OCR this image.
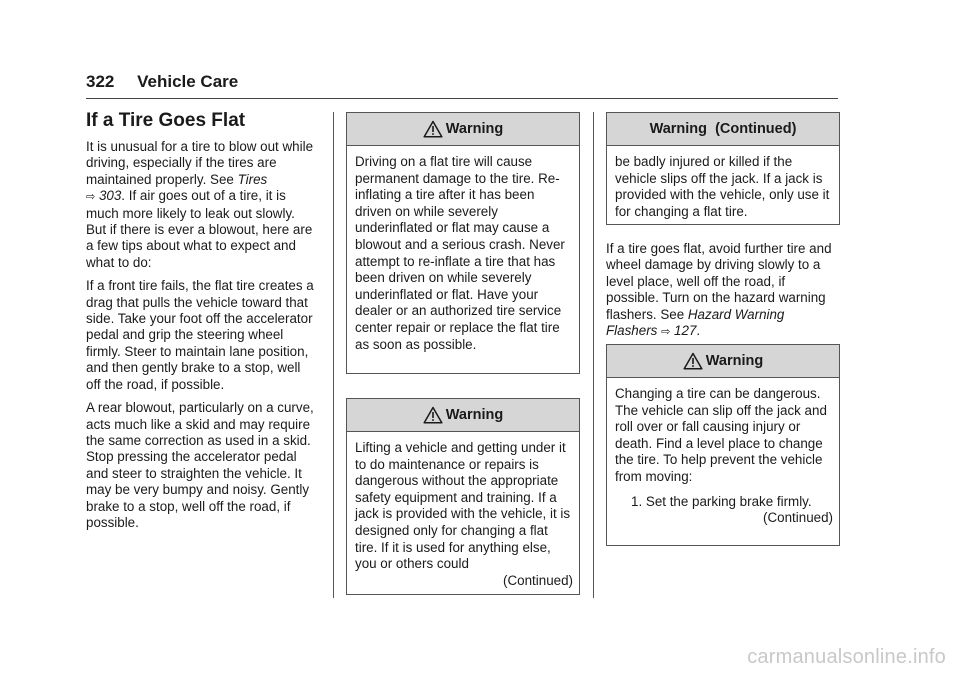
322 Vehicle Care
If a Tire Goes Flat

It is unusual for a tire to blow out while driving, especially if the tires are maintained properly. See Tires
⇨ 303. If air goes out of a tire, it is much more likely to leak out slowly. But if there is ever a blowout, here are a few tips about what to expect and what to do:

If a front tire fails, the flat tire creates a drag that pulls the vehicle toward that side. Take your foot off the accelerator pedal and grip the steering wheel firmly. Steer to maintain lane position, and then gently brake to a stop, well off the road, if possible.

A rear blowout, particularly on a curve, acts much like a skid and may require the same correction as used in a skid. Stop pressing the accelerator pedal and steer to straighten the vehicle. It may be very bumpy and noisy. Gently brake to a stop, well off the road, if possible.

Warning
Driving on a flat tire will cause permanent damage to the tire. Re-inflating a tire after it has been driven on while severely underinflated or flat may cause a blowout and a serious crash. Never attempt to re-inflate a tire that has been driven on while severely underinflated or flat. Have your dealer or an authorized tire service center repair or replace the flat tire as soon as possible.
Warning
Lifting a vehicle and getting under it to do maintenance or repairs is dangerous without the appropriate safety equipment and training. If a jack is provided with the vehicle, it is designed only for changing a flat tire. If it is used for anything else, you or others could
(Continued)
Warning  (Continued)
be badly injured or killed if the vehicle slips off the jack. If a jack is provided with the vehicle, only use it for changing a flat tire.
If a tire goes flat, avoid further tire and wheel damage by driving slowly to a level place, well off the road, if possible. Turn on the hazard warning flashers. See Hazard Warning Flashers ⇨ 127.
Warning
Changing a tire can be dangerous. The vehicle can slip off the jack and roll over or fall causing injury or death. Find a level place to change the tire. To help prevent the vehicle from moving:
1. Set the parking brake firmly.
(Continued)
carmanualsonline.info
